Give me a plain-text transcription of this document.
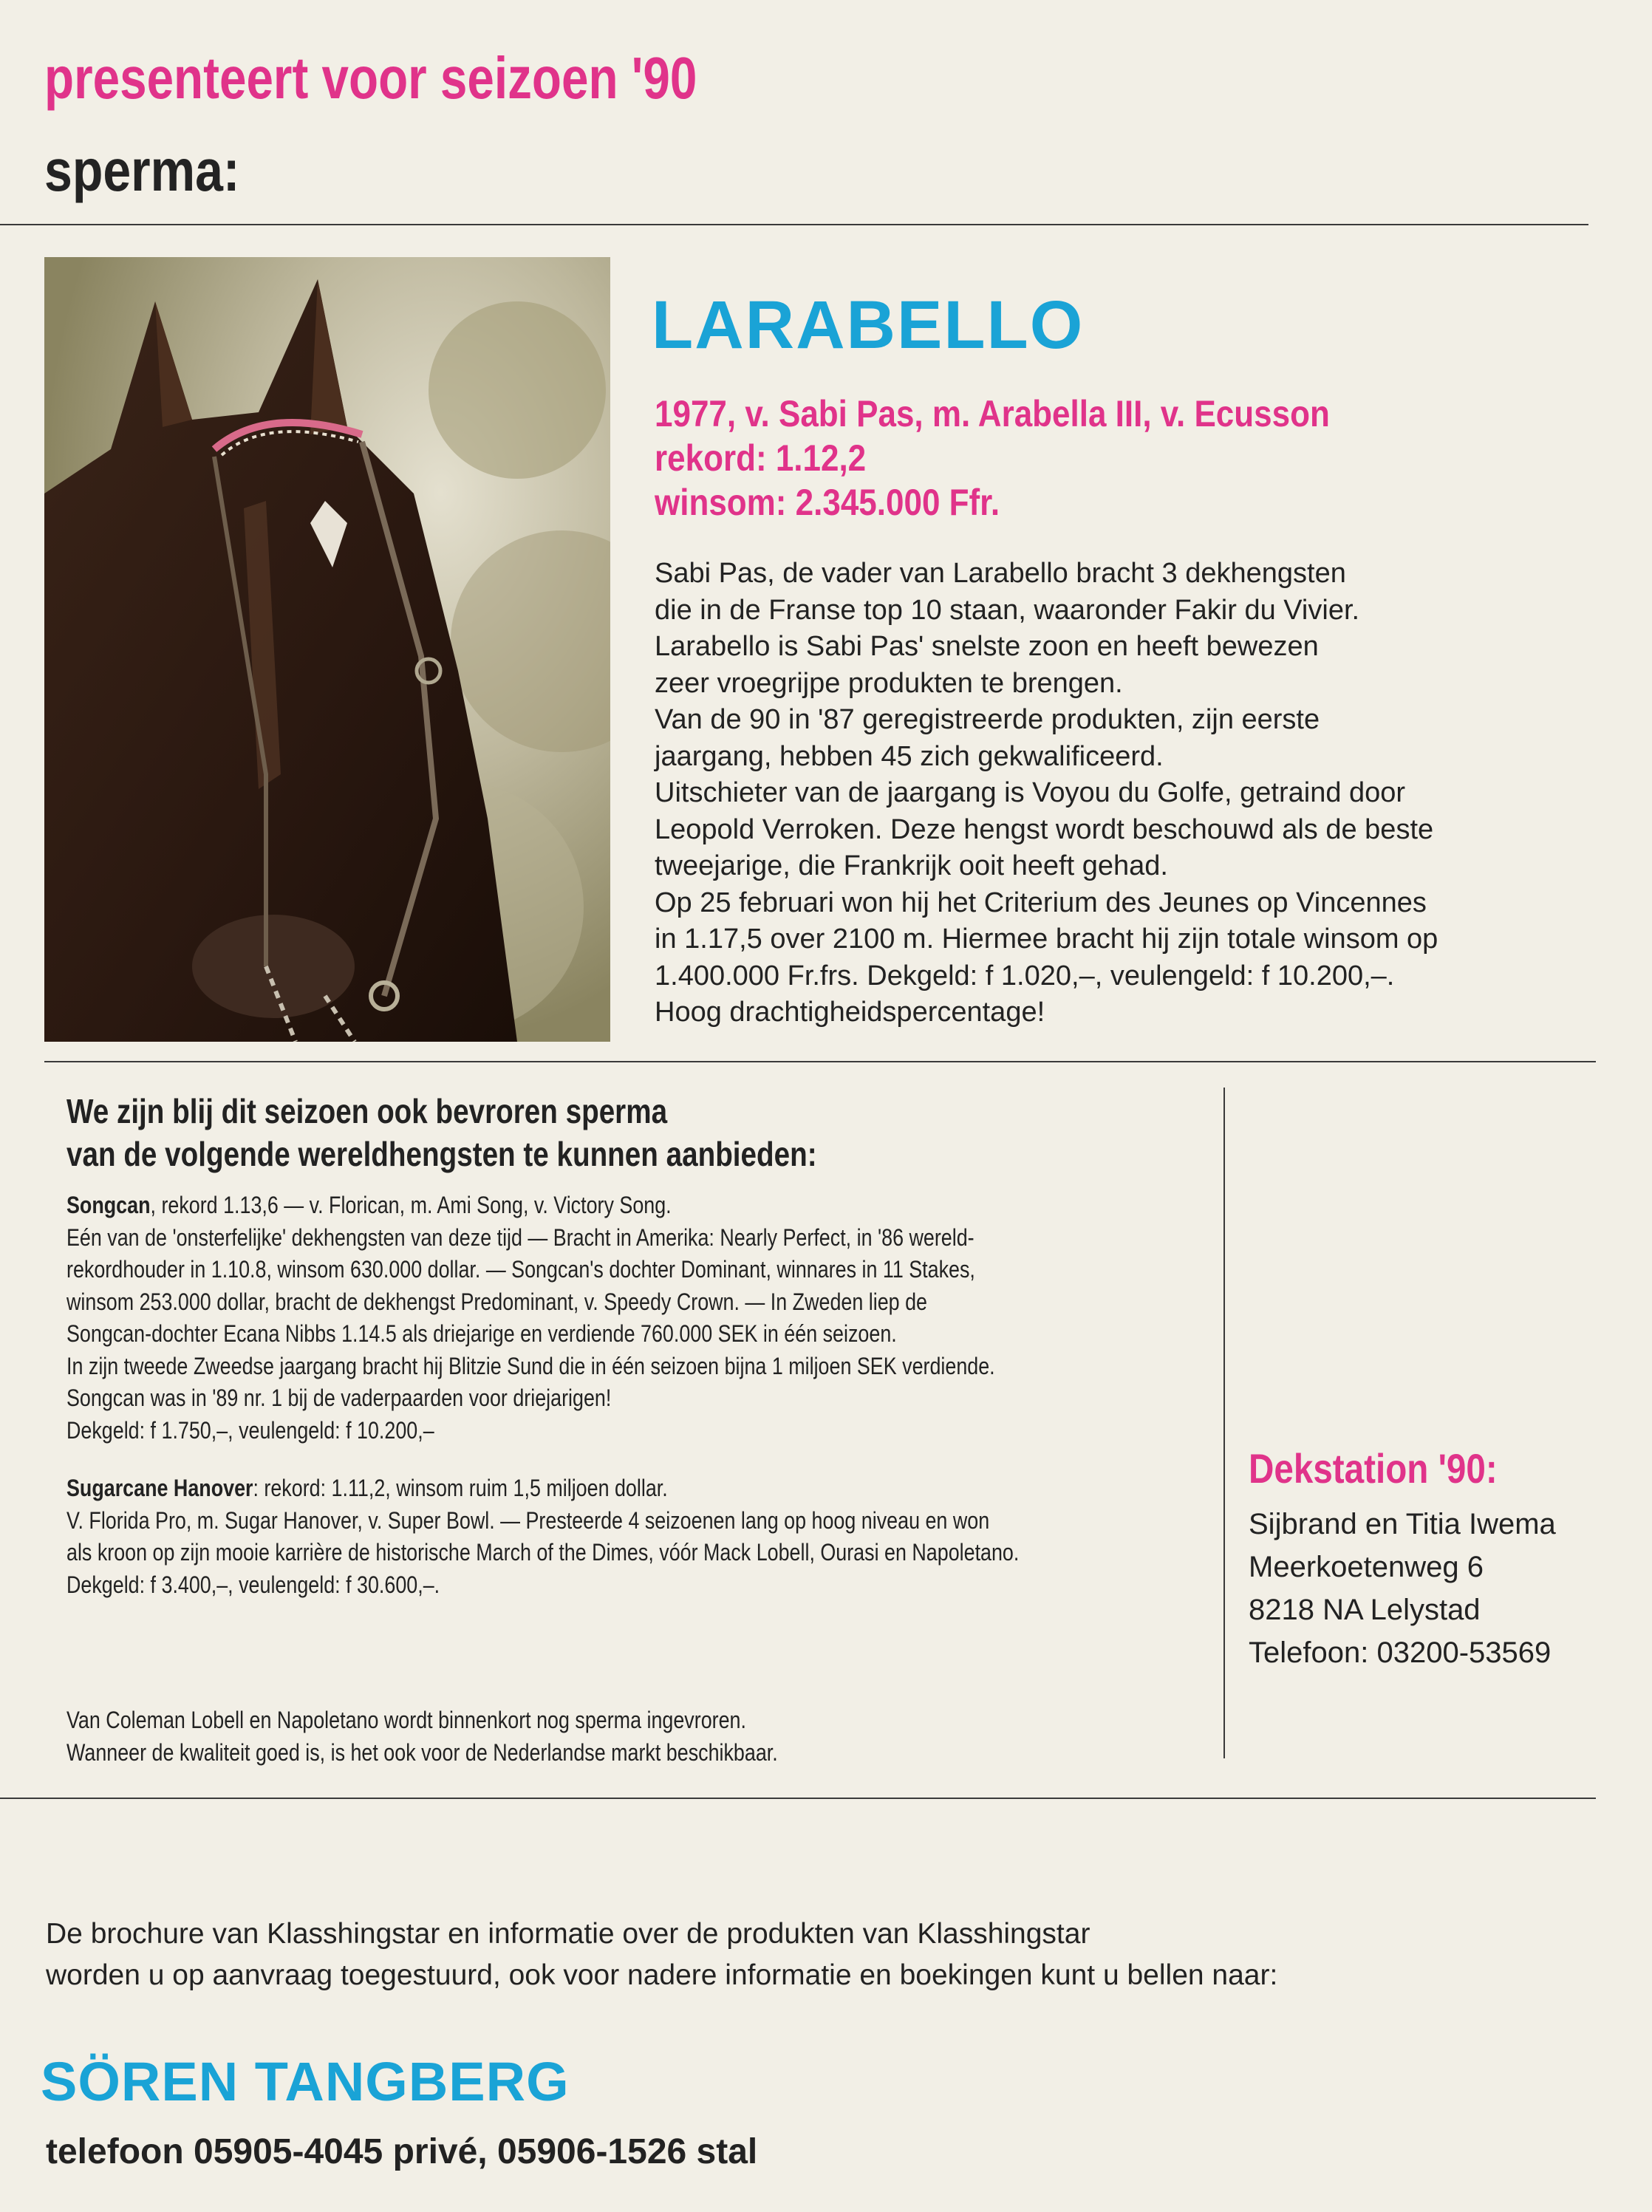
presenteert voor seizoen '90
sperma:
LARABELLO
1977, v. Sabi Pas, m. Arabella III, v. Ecusson
rekord: 1.12,2
winsom: 2.345.000 Ffr.
Sabi Pas, de vader van Larabello bracht 3 dekhengsten
die in de Franse top 10 staan, waaronder Fakir du Vivier.
Larabello is Sabi Pas' snelste zoon en heeft bewezen
zeer vroegrijpe produkten te brengen.
Van de 90 in '87 geregistreerde produkten, zijn eerste
jaargang, hebben 45 zich gekwalificeerd.
Uitschieter van de jaargang is Voyou du Golfe, getraind door
Leopold Verroken. Deze hengst wordt beschouwd als de beste
tweejarige, die Frankrijk ooit heeft gehad.
Op 25 februari won hij het Criterium des Jeunes op Vincennes
in 1.17,5 over 2100 m. Hiermee bracht hij zijn totale winsom op
1.400.000 Fr.frs. Dekgeld: f 1.020,–, veulengeld: f 10.200,–.
Hoog drachtigheidspercentage!
We zijn blij dit seizoen ook bevroren sperma
van de volgende wereldhengsten te kunnen aanbieden:
Songcan, rekord 1.13,6 — v. Florican, m. Ami Song, v. Victory Song.
Eén van de 'onsterfelijke' dekhengsten van deze tijd — Bracht in Amerika: Nearly Perfect, in '86 wereld-
rekordhouder in 1.10.8, winsom 630.000 dollar. — Songcan's dochter Dominant, winnares in 11 Stakes,
winsom 253.000 dollar, bracht de dekhengst Predominant, v. Speedy Crown. — In Zweden liep de
Songcan-dochter Ecana Nibbs 1.14.5 als driejarige en verdiende 760.000 SEK in één seizoen.
In zijn tweede Zweedse jaargang bracht hij Blitzie Sund die in één seizoen bijna 1 miljoen SEK verdiende.
Songcan was in '89 nr. 1 bij de vaderpaarden voor driejarigen!
Dekgeld: f 1.750,–, veulengeld: f 10.200,–
Sugarcane Hanover: rekord: 1.11,2, winsom ruim 1,5 miljoen dollar.
V. Florida Pro, m. Sugar Hanover, v. Super Bowl. — Presteerde 4 seizoenen lang op hoog niveau en won
als kroon op zijn mooie karrière de historische March of the Dimes, vóór Mack Lobell, Ourasi en Napoletano.
Dekgeld: f 3.400,–, veulengeld: f 30.600,–.
Van Coleman Lobell en Napoletano wordt binnenkort nog sperma ingevroren.
Wanneer de kwaliteit goed is, is het ook voor de Nederlandse markt beschikbaar.
Dekstation '90:
Sijbrand en Titia Iwema
Meerkoetenweg 6
8218 NA Lelystad
Telefoon: 03200-53569
De brochure van Klasshingstar en informatie over de produkten van Klasshingstar
worden u op aanvraag toegestuurd, ook voor nadere informatie en boekingen kunt u bellen naar:
SÖREN TANGBERG
telefoon 05905-4045 privé, 05906-1526 stal
